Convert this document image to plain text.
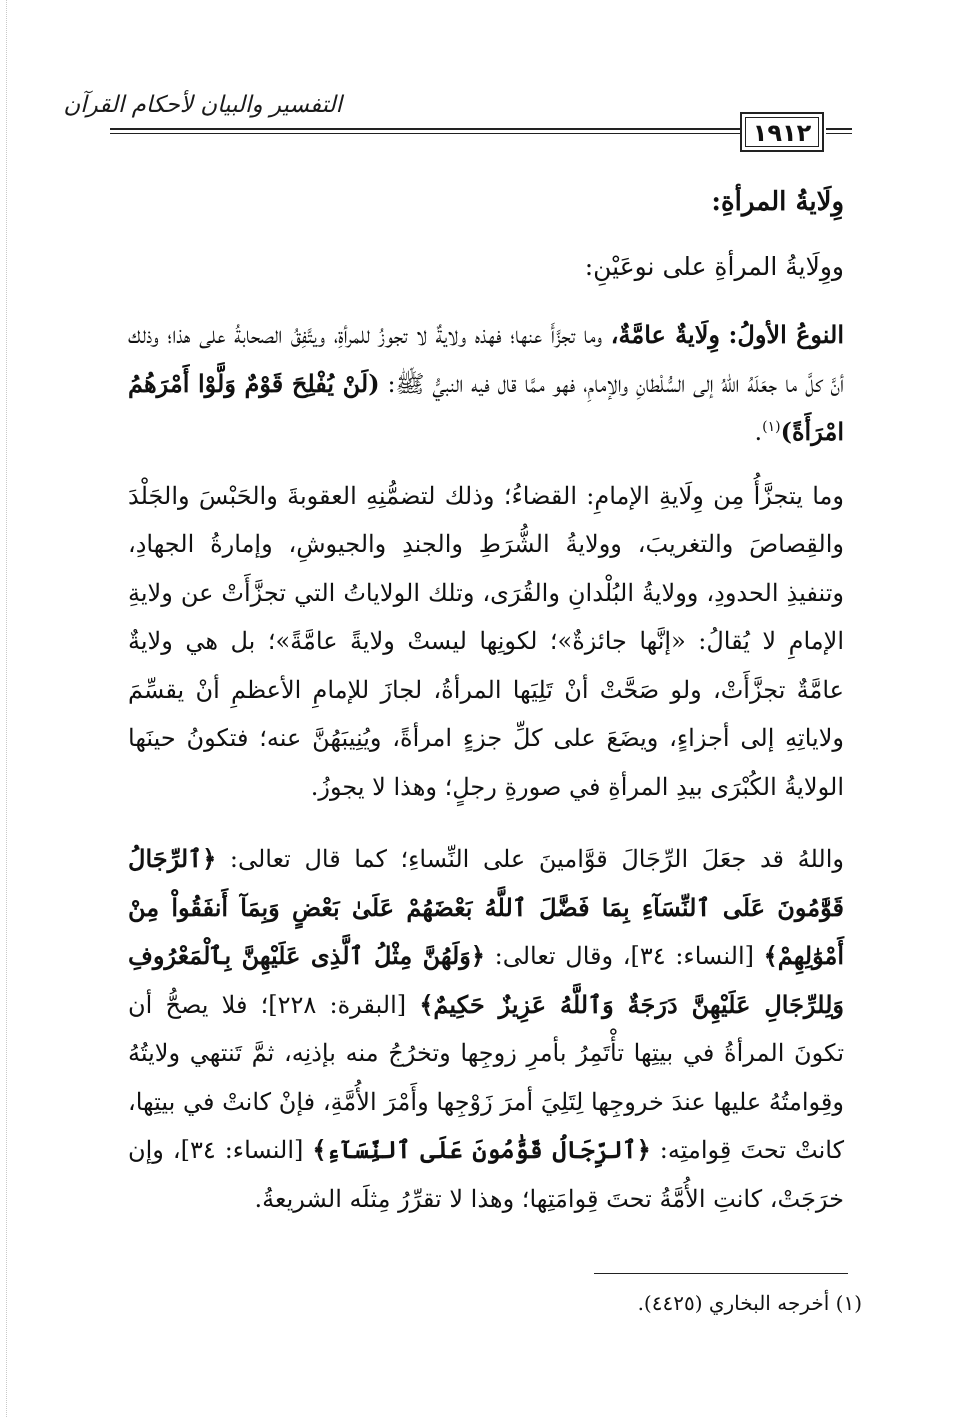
التفسير والبيان لأحكام القرآن
١٩١٢
وِلَايةُ المرأةِ:
ووِلَايةُ المرأةِ على نوعَيْنِ:

النوعُ الأولُ: وِلَايةٌ عامَّةٌ، وما تجزَّأَ عنها؛ فهذه ولايةٌ لا تجوزُ للمرأةِ، ويتَّفِقُ الصحابةُ على هذا؛ وذلك أنَّ كلَّ ما جعَلَهُ اللهُ إلى السُّلْطانِ والإمامِ، فهو ممَّا قال فيه النبيُّ ﷺ: (لَنْ يُفْلِحَ قَوْمٌ وَلَّوْا أَمْرَهُمُ امْرَأَةً)$^{(١)}$.

وما يتجزَّأُ مِن وِلَايةِ الإمامِ: القضاءُ؛ وذلك لتضمُّنِهِ العقوبةَ والحَبْسَ والجَلْدَ والقِصاصَ والتغريبَ، وولايةُ الشُّرَطِ والجندِ والجيوشِ، وإمارةُ الجهادِ، وتنفيذِ الحدودِ، وولايةُ البُلْدانِ والقُرَى، وتلك الولاياتُ التي تجزَّأَتْ عن ولايةِ الإمامِ لا يُقالُ: «إنَّها جائزةٌ»؛ لكونِها ليستْ ولايةً عامَّةً»؛ بل هي ولايةٌ عامَّةٌ تجزَّأَتْ، ولو صَحَّتْ أنْ تَلِيَها المرأةُ، لجازَ للإمامِ الأعظمِ أنْ يقسِّمَ ولاياتِهِ إلى أجزاءٍ، ويضَعَ على كلِّ جزءٍ امرأةً، ويُنِيبَهُنَّ عنه؛ فتكونُ حينَها الولايةُ الكُبْرَى بيدِ المرأةِ في صورةِ رجلٍ؛ وهذا لا يجوزُ.

واللهُ قد جعَلَ الرِّجَالَ قوَّامينَ على النِّساءِ؛ كما قال تعالى: ﴿ٱلرِّجَالُ قَوَّٰمُونَ عَلَى ٱلنِّسَآءِ بِمَا فَضَّلَ ٱللَّهُ بَعْضَهُمْ عَلَىٰ بَعْضٍ وَبِمَآ أَنفَقُواْ مِنْ أَمْوَٰلِهِمْ﴾ [النساء: ٣٤]، وقال تعالى: ﴿وَلَهُنَّ مِثْلُ ٱلَّذِى عَلَيْهِنَّ بِٱلْمَعْرُوفِ وَلِلرِّجَالِ عَلَيْهِنَّ دَرَجَةٌ وَٱللَّهُ عَزِيزٌ حَكِيمٌ﴾ [البقرة: ٢٢٨]؛ فلا يصحُّ أن تكونَ المرأةُ في بيتِها تأْتَمِرُ بأمرِ زوجِها وتخرُجُ منه بإذنِه، ثمَّ تَنتهي ولايتُهُ وقِوامتُهُ عليها عندَ خروجِها لِتَلِيَ أمرَ زَوْجِها وأَمْرَ الأُمَّةِ، فإنْ كانتْ في بيتِها، كانتْ تحتَ قِوامتِه: ﴿ٱلرِّجَالُ قَوَّٰمُونَ عَلَى ٱلنِّسَآءِ﴾ [النساء: ٣٤]، وإن خرَجَتْ، كانتِ الأُمَّةُ تحتَ قِوامَتِها؛ وهذا لا تقرِّرُ مِثلَه الشريعةُ.

(١) أخرجه البخاري (٤٤٢٥).
